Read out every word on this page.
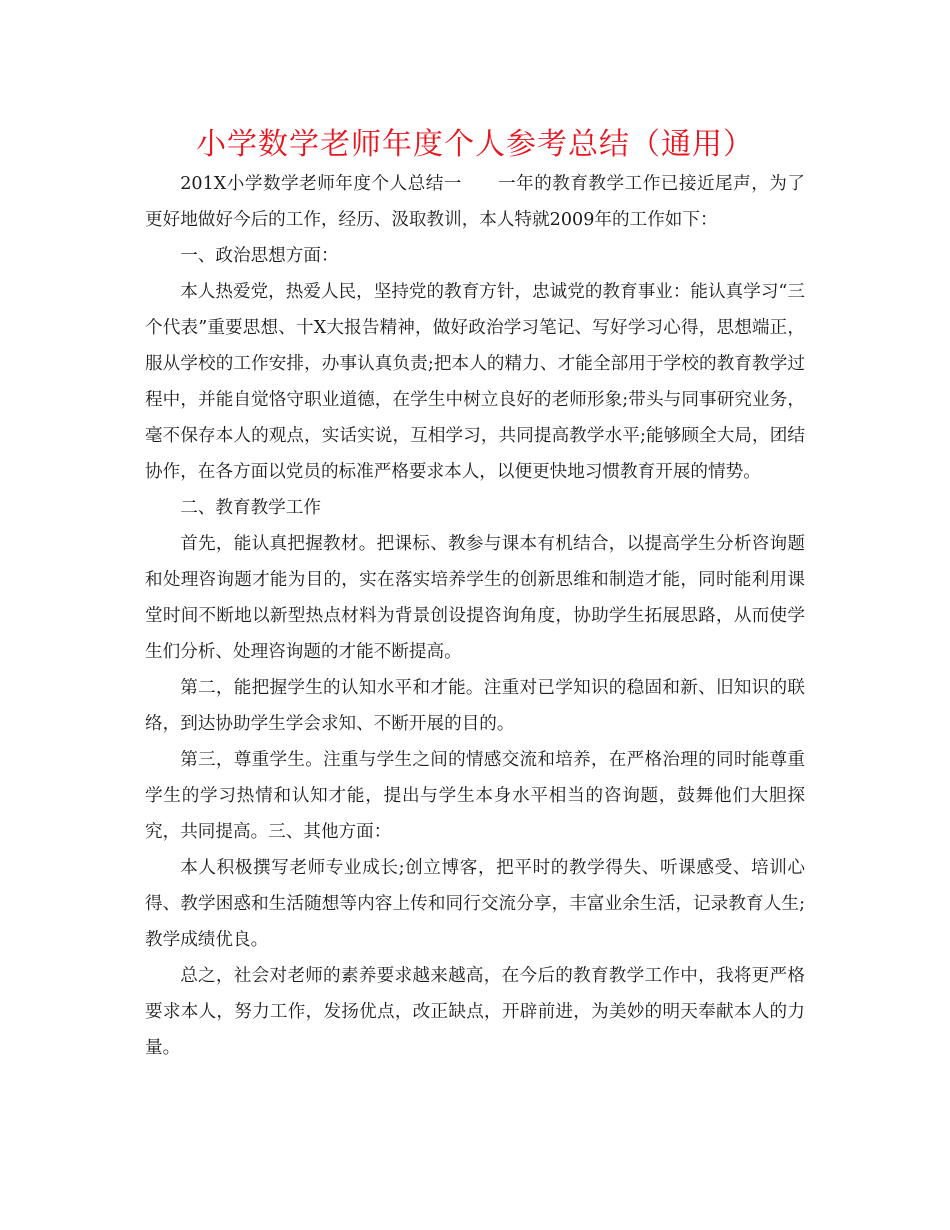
小学数学老师年度个人参考总结（通用）

201X小学数学老师年度个人总结一　　一年的教育教学工作已接近尾声，为了更好地做好今后的工作，经历、汲取教训，本人特就2009年的工作如下：

一、政治思想方面：

本人热爱党，热爱人民，坚持党的教育方针，忠诚党的教育事业：能认真学习“三个代表”重要思想、十X大报告精神，做好政治学习笔记、写好学习心得，思想端正，服从学校的工作安排，办事认真负责;把本人的精力、才能全部用于学校的教育教学过程中，并能自觉恪守职业道德，在学生中树立良好的老师形象;带头与同事研究业务，毫不保存本人的观点，实话实说，互相学习，共同提高教学水平;能够顾全大局，团结协作，在各方面以党员的标准严格要求本人，以便更快地习惯教育开展的情势。

二、教育教学工作

首先，能认真把握教材。把课标、教参与课本有机结合，以提高学生分析咨询题和处理咨询题才能为目的，实在落实培养学生的创新思维和制造才能，同时能利用课堂时间不断地以新型热点材料为背景创设提咨询角度，协助学生拓展思路，从而使学生们分析、处理咨询题的才能不断提高。

第二，能把握学生的认知水平和才能。注重对已学知识的稳固和新、旧知识的联络，到达协助学生学会求知、不断开展的目的。

第三，尊重学生。注重与学生之间的情感交流和培养，在严格治理的同时能尊重学生的学习热情和认知才能，提出与学生本身水平相当的咨询题，鼓舞他们大胆探究，共同提高。三、其他方面：

本人积极撰写老师专业成长;创立博客，把平时的教学得失、听课感受、培训心得、教学困惑和生活随想等内容上传和同行交流分享，丰富业余生活，记录教育人生;教学成绩优良。

总之，社会对老师的素养要求越来越高，在今后的教育教学工作中，我将更严格要求本人，努力工作，发扬优点，改正缺点，开辟前进，为美妙的明天奉献本人的力量。
